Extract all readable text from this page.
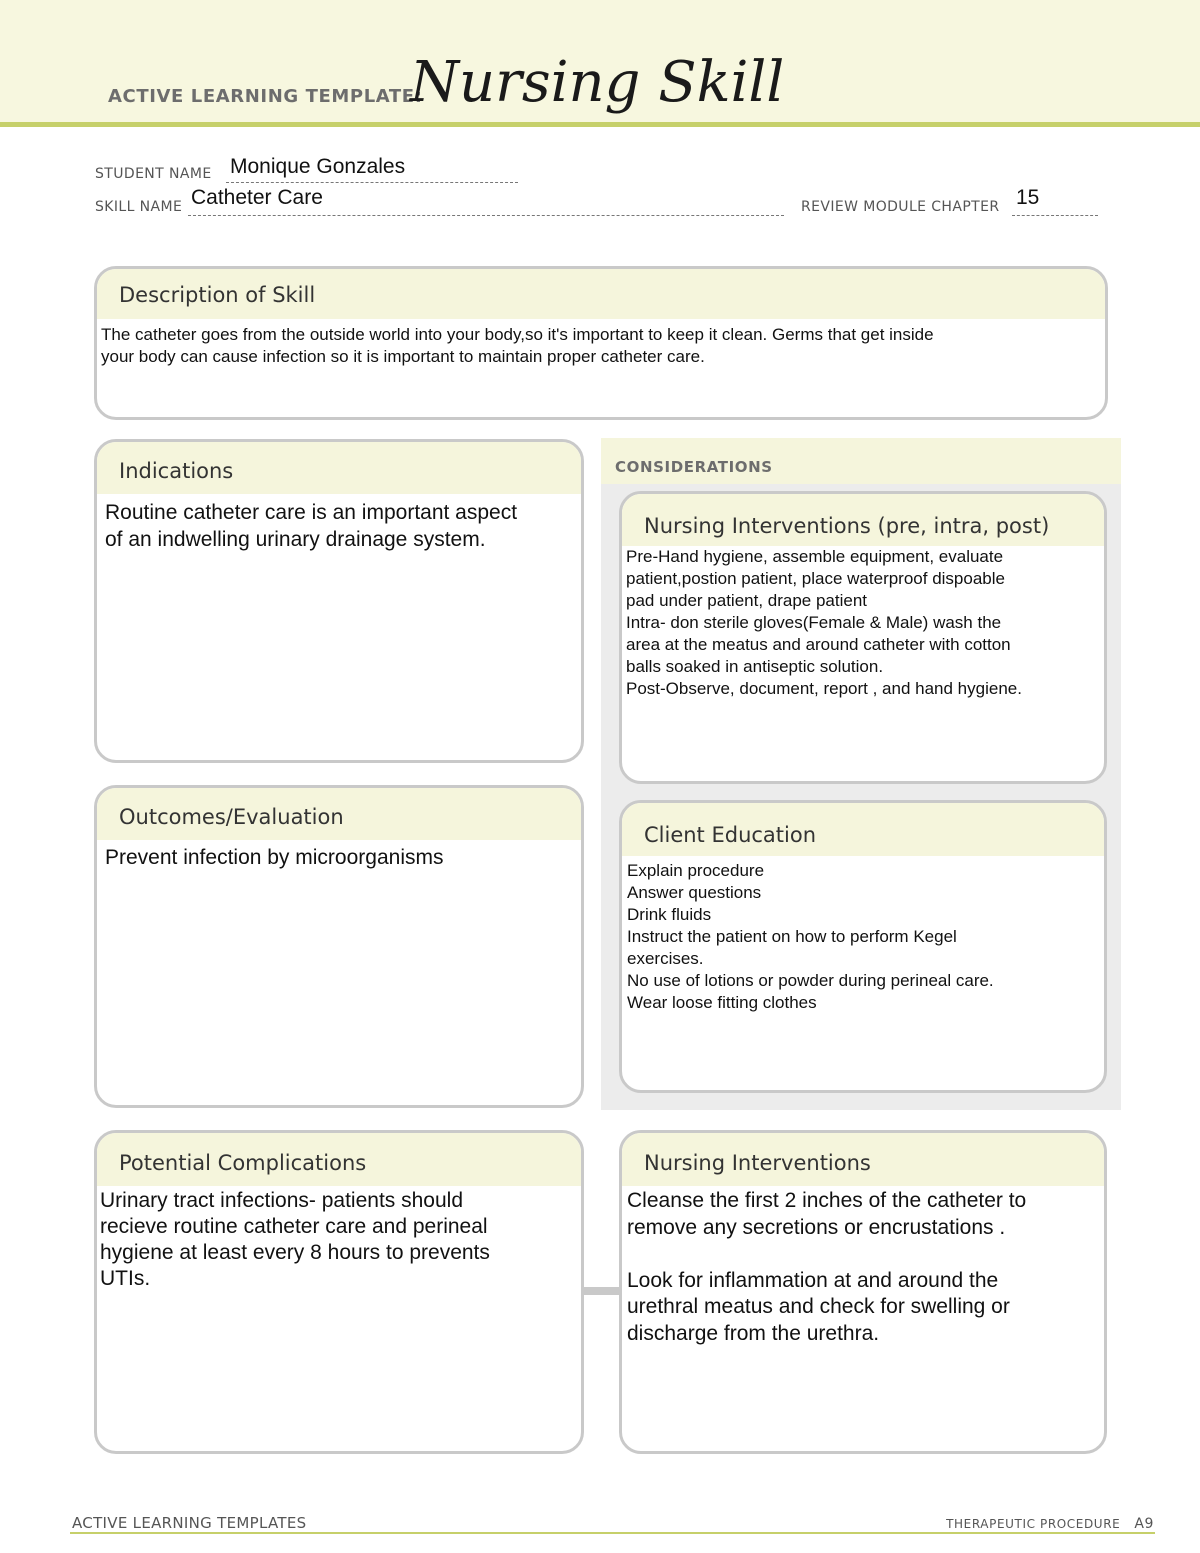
ACTIVE LEARNING TEMPLATE:
Nursing Skill
STUDENT NAME Monique Gonzales
SKILL NAME Catheter Care	REVIEW MODULE CHAPTER 15
Description of Skill
The catheter goes from the outside world into your body,so it's important to keep it clean. Germs that get inside
your body can cause infection so it is important to maintain proper catheter care.
Indications
Routine catheter care is an important aspect
of an indwelling urinary drainage system.
Outcomes/Evaluation
Prevent infection by microorganisms
CONSIDERATIONS
Nursing Interventions (pre, intra, post)
Pre-Hand hygiene, assemble equipment, evaluate
patient,postion patient, place waterproof dispoable
pad under patient, drape patient
Intra- don sterile gloves(Female & Male) wash the
area at the meatus and around catheter with cotton
balls soaked in antiseptic solution.
Post-Observe, document, report , and hand hygiene.
Client Education
Explain procedure
Answer questions
Drink fluids
Instruct the patient on how to perform Kegel
exercises.
No use of lotions or powder during perineal care.
Wear loose fitting clothes
Potential Complications
Urinary tract infections- patients should
recieve routine catheter care and perineal
hygiene at least every 8 hours to prevents
UTIs.
Nursing Interventions
Cleanse the first 2 inches of the catheter to
remove any secretions or encrustations .
Look for inflammation at and around the
urethral meatus and check for swelling or
discharge from the urethra.
ACTIVE LEARNING TEMPLATES	THERAPEUTIC PROCEDURE A9
